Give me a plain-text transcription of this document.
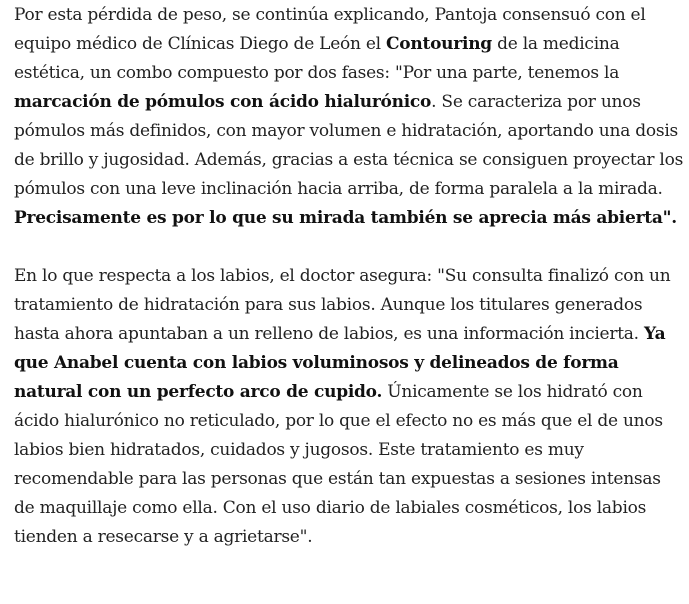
Por esta pérdida de peso, se continúa explicando, Pantoja consensuó con el equipo médico de Clínicas Diego de León el Contouring de la medicina estética, un combo compuesto por dos fases: "Por una parte, tenemos la marcación de pómulos con ácido hialurónico. Se caracteriza por unos pómulos más definidos, con mayor volumen e hidratación, aportando una dosis de brillo y jugosidad. Además, gracias a esta técnica se consiguen proyectar los pómulos con una leve inclinación hacia arriba, de forma paralela a la mirada. Precisamente es por lo que su mirada también se aprecia más abierta".

En lo que respecta a los labios, el doctor asegura: "Su consulta finalizó con un tratamiento de hidratación para sus labios. Aunque los titulares generados hasta ahora apuntaban a un relleno de labios, es una información incierta. Ya que Anabel cuenta con labios voluminosos y delineados de forma natural con un perfecto arco de cupido. Únicamente se los hidrató con ácido hialurónico no reticulado, por lo que el efecto no es más que el de unos labios bien hidratados, cuidados y jugosos. Este tratamiento es muy recomendable para las personas que están tan expuestas a sesiones intensas de maquillaje como ella. Con el uso diario de labiales cosméticos, los labios tienden a resecarse y a agrietarse".
